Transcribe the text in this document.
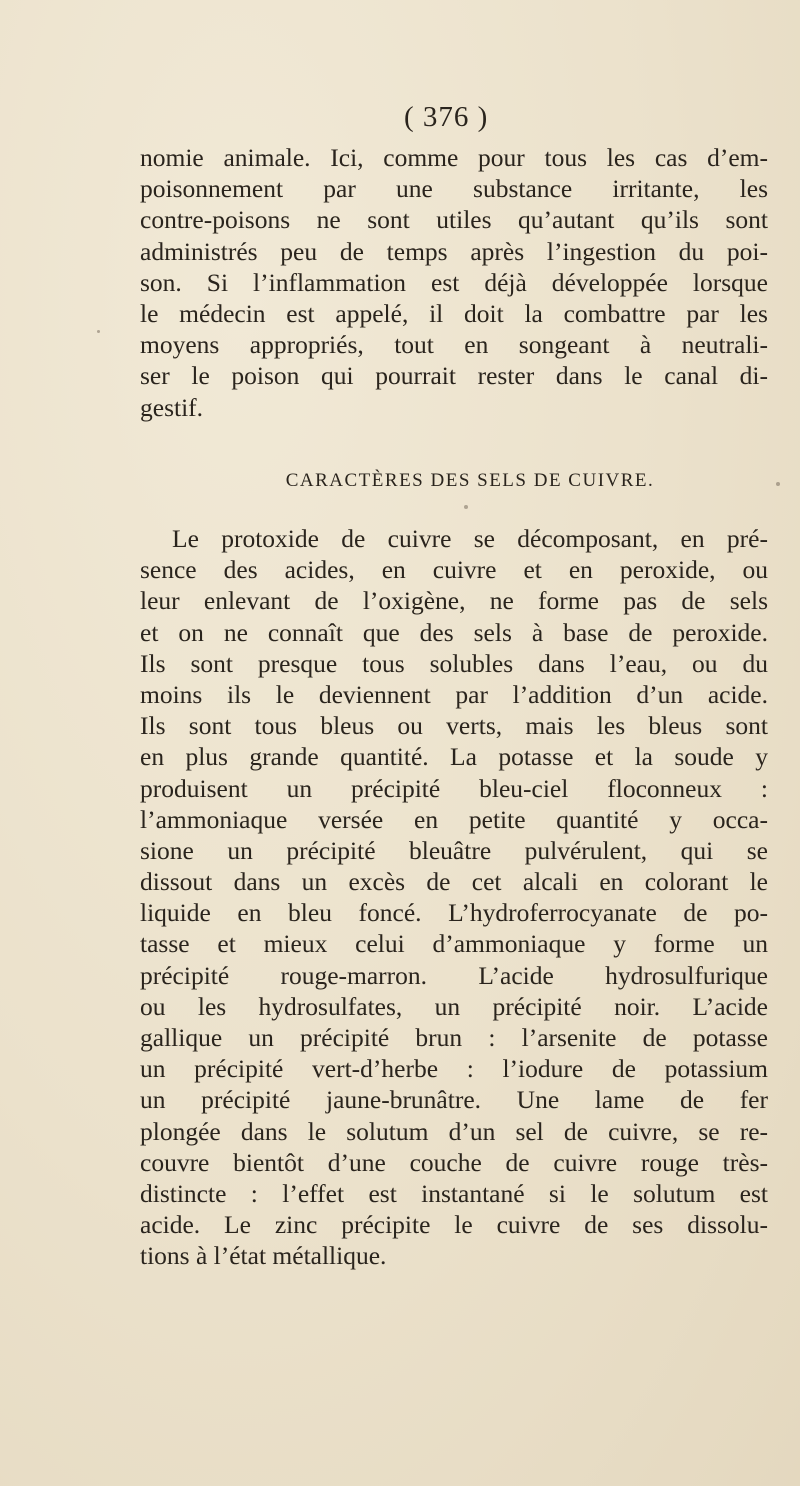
( 376 )
nomie animale. Ici, comme pour tous les cas d’em-
poisonnement par une substance irritante, les
contre-poisons ne sont utiles qu’autant qu’ils sont
administrés peu de temps après l’ingestion du poi-
son. Si l’inflammation est déjà développée lorsque
le médecin est appelé, il doit la combattre par les
moyens appropriés, tout en songeant à neutrali-
ser le poison qui pourrait rester dans le canal di-
gestif.
CARACTÈRES DES SELS DE CUIVRE.
Le protoxide de cuivre se décomposant, en pré-
sence des acides, en cuivre et en peroxide, ou
leur enlevant de l’oxigène, ne forme pas de sels
et on ne connaît que des sels à base de peroxide.
Ils sont presque tous solubles dans l’eau, ou du
moins ils le deviennent par l’addition d’un acide.
Ils sont tous bleus ou verts, mais les bleus sont
en plus grande quantité. La potasse et la soude y
produisent un précipité bleu-ciel floconneux :
l’ammoniaque versée en petite quantité y occa-
sione un précipité bleuâtre pulvérulent, qui se
dissout dans un excès de cet alcali en colorant le
liquide en bleu foncé. L’hydroferrocyanate de po-
tasse et mieux celui d’ammoniaque y forme un
précipité rouge-marron. L’acide hydrosulfurique
ou les hydrosulfates, un précipité noir. L’acide
gallique un précipité brun : l’arsenite de potasse
un précipité vert-d’herbe : l’iodure de potassium
un précipité jaune-brunâtre. Une lame de fer
plongée dans le solutum d’un sel de cuivre, se re-
couvre bientôt d’une couche de cuivre rouge très-
distincte : l’effet est instantané si le solutum est
acide. Le zinc précipite le cuivre de ses dissolu-
tions à l’état métallique.
